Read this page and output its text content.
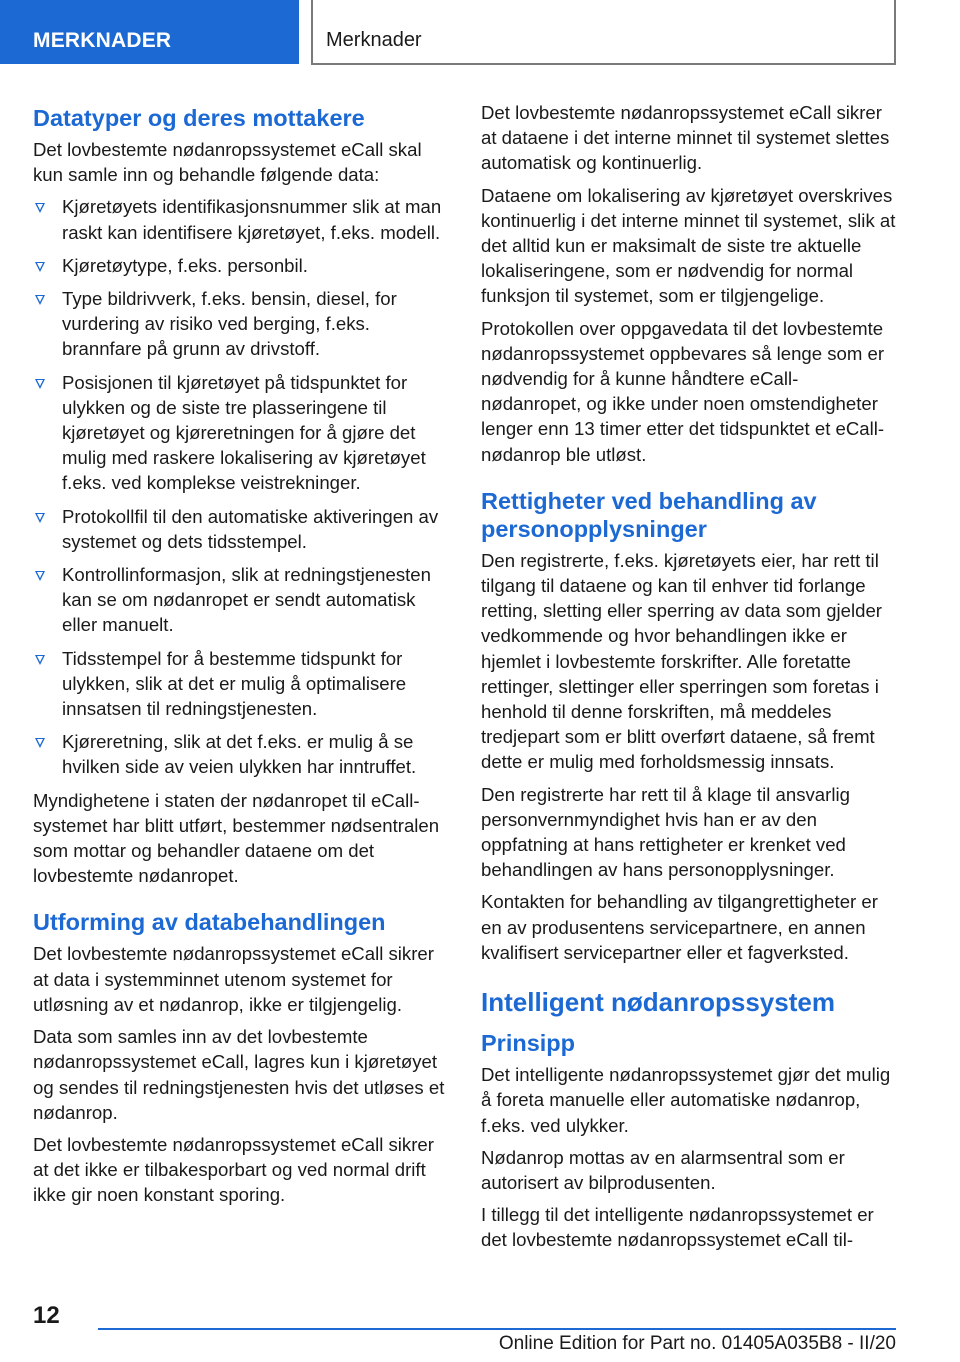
MERKNADER	Merknader
Datatyper og deres mottakere

Det lovbestemte nødanropssystemet eCall skal kun samle inn og behandle følgende data:

Kjøretøyets identifikasjonsnummer slik at man raskt kan identifisere kjøretøyet, f.eks. modell.
Kjøretøytype, f.eks. personbil.
Type bildrivverk, f.eks. bensin, diesel, for vurdering av risiko ved berging, f.eks. brannfare på grunn av drivstoff.
Posisjonen til kjøretøyet på tidspunktet for ulykken og de siste tre plasseringene til kjøretøyet og kjøreretningen for å gjøre det mulig med raskere lokalisering av kjøretøyet f.eks. ved komplekse veistrekninger.
Protokollfil til den automatiske aktiveringen av systemet og dets tidsstempel.
Kontrollinformasjon, slik at redningstjenesten kan se om nødanropet er sendt automatisk eller manuelt.
Tidsstempel for å bestemme tidspunkt for ulykken, slik at det er mulig å optimalisere innsatsen til redningstjenesten.
Kjøreretning, slik at det f.eks. er mulig å se hvilken side av veien ulykken har inntruffet.

Myndighetene i staten der nødanropet til eCall-systemet har blitt utført, bestemmer nødsentralen som mottar og behandler dataene om det lovbestemte nødanropet.

Utforming av databehandlingen

Det lovbestemte nødanropssystemet eCall sikrer at data i systemminnet utenom systemet for utløsning av et nødanrop, ikke er tilgjengelig.

Data som samles inn av det lovbestemte nødanropssystemet eCall, lagres kun i kjøretøyet og sendes til redningstjenesten hvis det utløses et nødanrop.

Det lovbestemte nødanropssystemet eCall sikrer at det ikke er tilbakesporbart og ved normal drift ikke gir noen konstant sporing.

Det lovbestemte nødanropssystemet eCall sikrer at dataene i det interne minnet til systemet slettes automatisk og kontinuerlig.

Dataene om lokalisering av kjøretøyet overskrives kontinuerlig i det interne minnet til systemet, slik at det alltid kun er maksimalt de siste tre aktuelle lokaliseringene, som er nødvendig for normal funksjon til systemet, som er tilgjengelige.

Protokollen over oppgavedata til det lovbestemte nødanropssystemet oppbevares så lenge som er nødvendig for å kunne håndtere eCall-nødanropet, og ikke under noen omstendigheter lenger enn 13 timer etter det tidspunktet et eCall-nødanrop ble utløst.

Rettigheter ved behandling av personopplysninger

Den registrerte, f.eks. kjøretøyets eier, har rett til tilgang til dataene og kan til enhver tid forlange retting, sletting eller sperring av data som gjelder vedkommende og hvor behandlingen ikke er hjemlet i lovbestemte forskrifter. Alle foretatte rettinger, slettinger eller sperringen som foretas i henhold til denne forskriften, må meddeles tredjepart som er blitt overført dataene, så fremt dette er mulig med forholdsmessig innsats.

Den registrerte har rett til å klage til ansvarlig personvernmyndighet hvis han er av den oppfatning at hans rettigheter er krenket ved behandlingen av hans personopplysninger.

Kontakten for behandling av tilgangrettigheter er en av produsentens servicepartnere, en annen kvalifisert servicepartner eller et fagverksted.

Intelligent nødanropssystem
Prinsipp

Det intelligente nødanropssystemet gjør det mulig å foreta manuelle eller automatiske nødanrop, f.eks. ved ulykker.

Nødanrop mottas av en alarmsentral som er autorisert av bilprodusenten.

I tillegg til det intelligente nødanropssystemet er det lovbestemte nødanropssystemet eCall til-

12
Online Edition for Part no. 01405A035B8 - II/20
